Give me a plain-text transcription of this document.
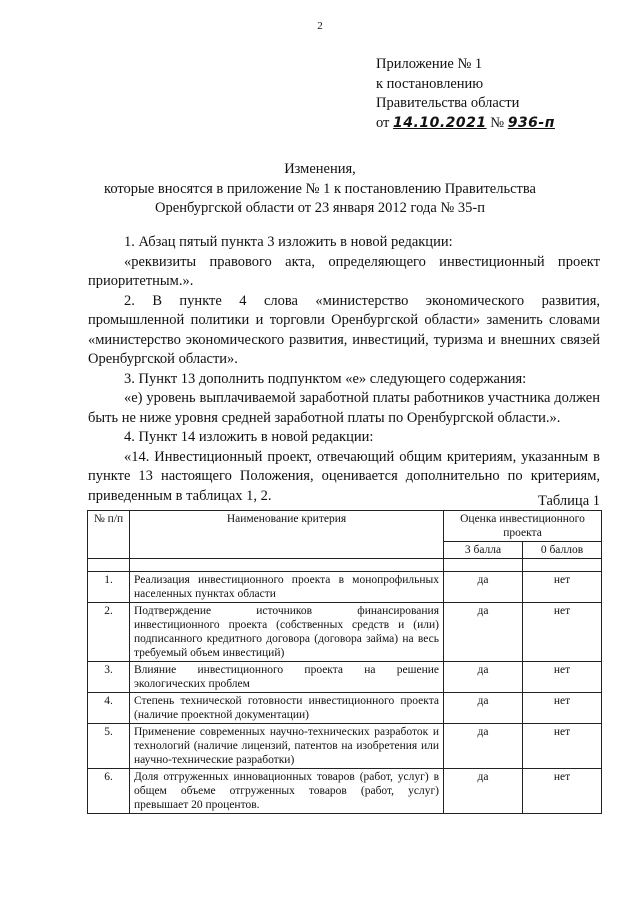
2
Приложение № 1
к постановлению
Правительства области
от 14.10.2021 № 936-п
Изменения,
которые вносятся в приложение № 1 к постановлению Правительства
Оренбургской области от 23 января 2012 года № 35-п

1. Абзац пятый пункта 3 изложить в новой редакции:

«реквизиты правового акта, определяющего инвестиционный проект приоритетным.».

2. В пункте 4 слова «министерство экономического развития, промышленной политики и торговли Оренбургской области» заменить словами «министерство экономического развития, инвестиций, туризма и внешних связей Оренбургской области».

3. Пункт 13 дополнить подпунктом «е» следующего содержания:

«е) уровень выплачиваемой заработной платы работников участника должен быть не ниже уровня средней заработной платы по Оренбургской области.».

4. Пункт 14 изложить в новой редакции:

«14. Инвестиционный проект, отвечающий общим критериям, указанным в пункте 13 настоящего Положения, оценивается дополнительно по критериям, приведенным в таблицах 1, 2.	Таблица 1
№ п/п	Наименование критерия	Оценка инвестиционного проекта	
		3 балла	0 баллов

1.	Реализация инвестиционного проекта в монопрофильных населенных пунктах области	да	нет
2.	Подтверждение источников финансирования инвестиционного проекта (собственных средств и (или) подписанного кредитного договора (договора займа) на весь требуемый объем инвестиций)	да	нет
3.	Влияние инвестиционного проекта на решение экологических проблем	да	нет
4.	Степень технической готовности инвестиционного проекта (наличие проектной документации)	да	нет
5.	Применение современных научно-технических разработок и технологий (наличие лицензий, патентов на изобретения или научно-технические разработки)	да	нет
6.	Доля отгруженных инновационных товаров (работ, услуг) в общем объеме отгруженных товаров (работ, услуг) превышает 20 процентов.	да	нет
